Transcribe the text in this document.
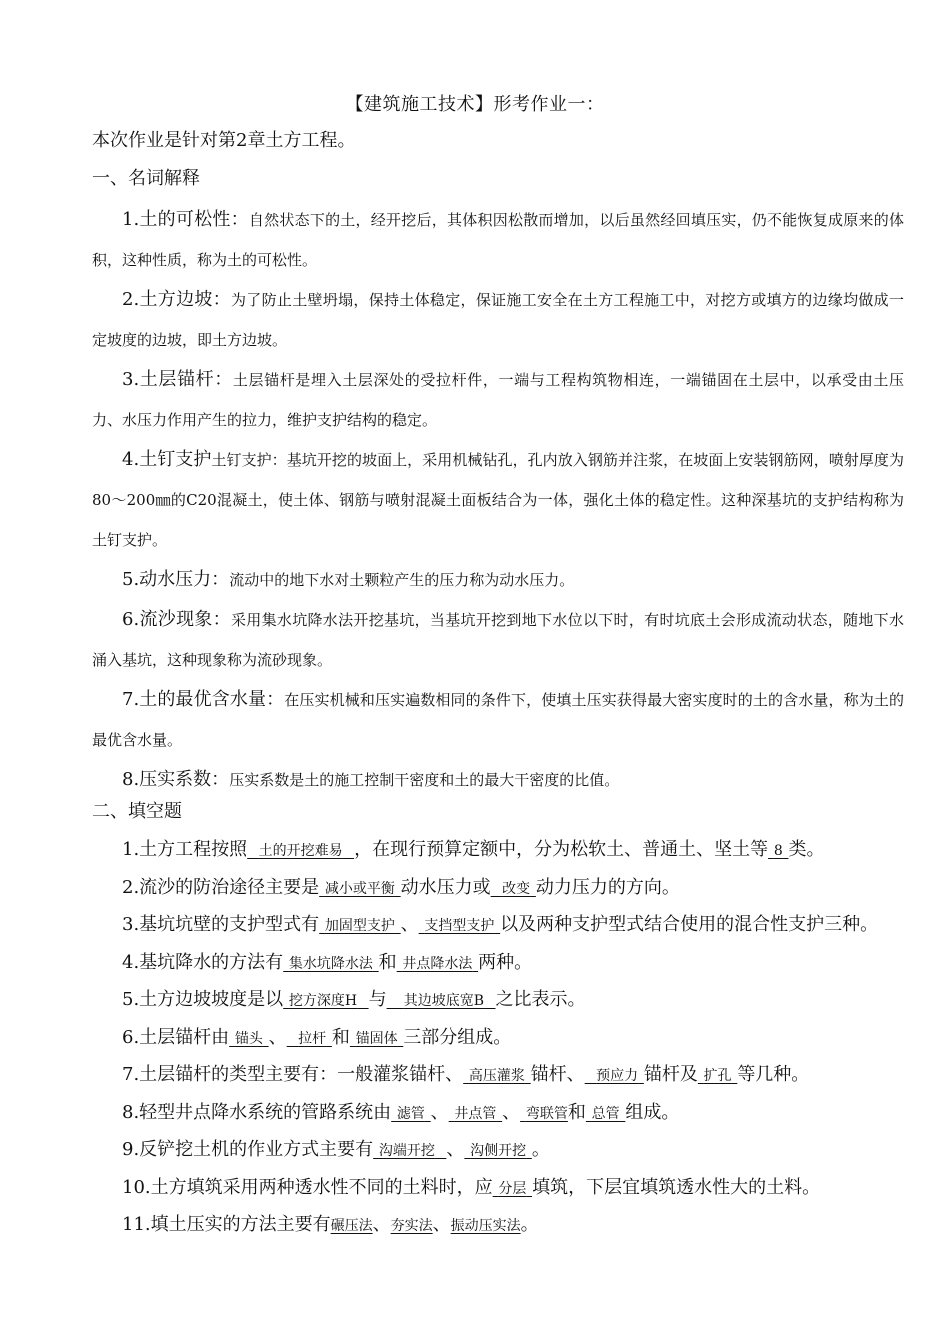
【建筑施工技术】形考作业一：
本次作业是针对第2章土方工程。
一、名词解释

1.土的可松性：自然状态下的土，经开挖后，其体积因松散而增加，以后虽然经回填压实，仍不能恢复成原来的体积，这种性质，称为土的可松性。

2.土方边坡：为了防止土壁坍塌，保持土体稳定，保证施工安全在土方工程施工中，对挖方或填方的边缘均做成一定坡度的边坡，即土方边坡。

3.土层锚杆：土层锚杆是埋入土层深处的受拉杆件，一端与工程构筑物相连，一端锚固在土层中，以承受由土压力、水压力作用产生的拉力，维护支护结构的稳定。

4.土钉支护土钉支护：基坑开挖的坡面上，采用机械钻孔，孔内放入钢筋并注浆，在坡面上安装钢筋网，喷射厚度为80～200㎜的C20混凝土，使土体、钢筋与喷射混凝土面板结合为一体，强化土体的稳定性。这种深基坑的支护结构称为土钉支护。

5.动水压力：流动中的地下水对土颗粒产生的压力称为动水压力。

6.流沙现象：采用集水坑降水法开挖基坑，当基坑开挖到地下水位以下时，有时坑底土会形成流动状态，随地下水涌入基坑，这种现象称为流砂现象。

7.土的最优含水量：在压实机械和压实遍数相同的条件下，使填土压实获得最大密实度时的土的含水量，称为土的最优含水量。

8.压实系数：压实系数是土的施工控制干密度和土的最大干密度的比值。

二、填空题

1.土方工程按照 土的开挖难易 ，在现行预算定额中，分为松软土、普通土、坚土等 8 类。

2.流沙的防治途径主要是 减小或平衡 动水压力或 改变 动力压力的方向。

3.基坑坑壁的支护型式有 加固型支护 、 支挡型支护 以及两种支护型式结合使用的混合性支护三种。

4.基坑降水的方法有 集水坑降水法 和 井点降水法 两种。

5.土方边坡坡度是以 挖方深度H 与 其边坡底宽B 之比表示。

6.土层锚杆由 锚头 、 拉杆 和 锚固体 三部分组成。

7.土层锚杆的类型主要有：一般灌浆锚杆、 高压灌浆 锚杆、 预应力 锚杆及 扩孔 等几种。

8.轻型井点降水系统的管路系统由 滤管 、 井点管 、 弯联管和 总管 组成。

9.反铲挖土机的作业方式主要有 沟端开挖 、 沟侧开挖 。

10.土方填筑采用两种透水性不同的土料时，应 分层 填筑，下层宜填筑透水性大的土料。

11.填土压实的方法主要有碾压法、夯实法、振动压实法。
